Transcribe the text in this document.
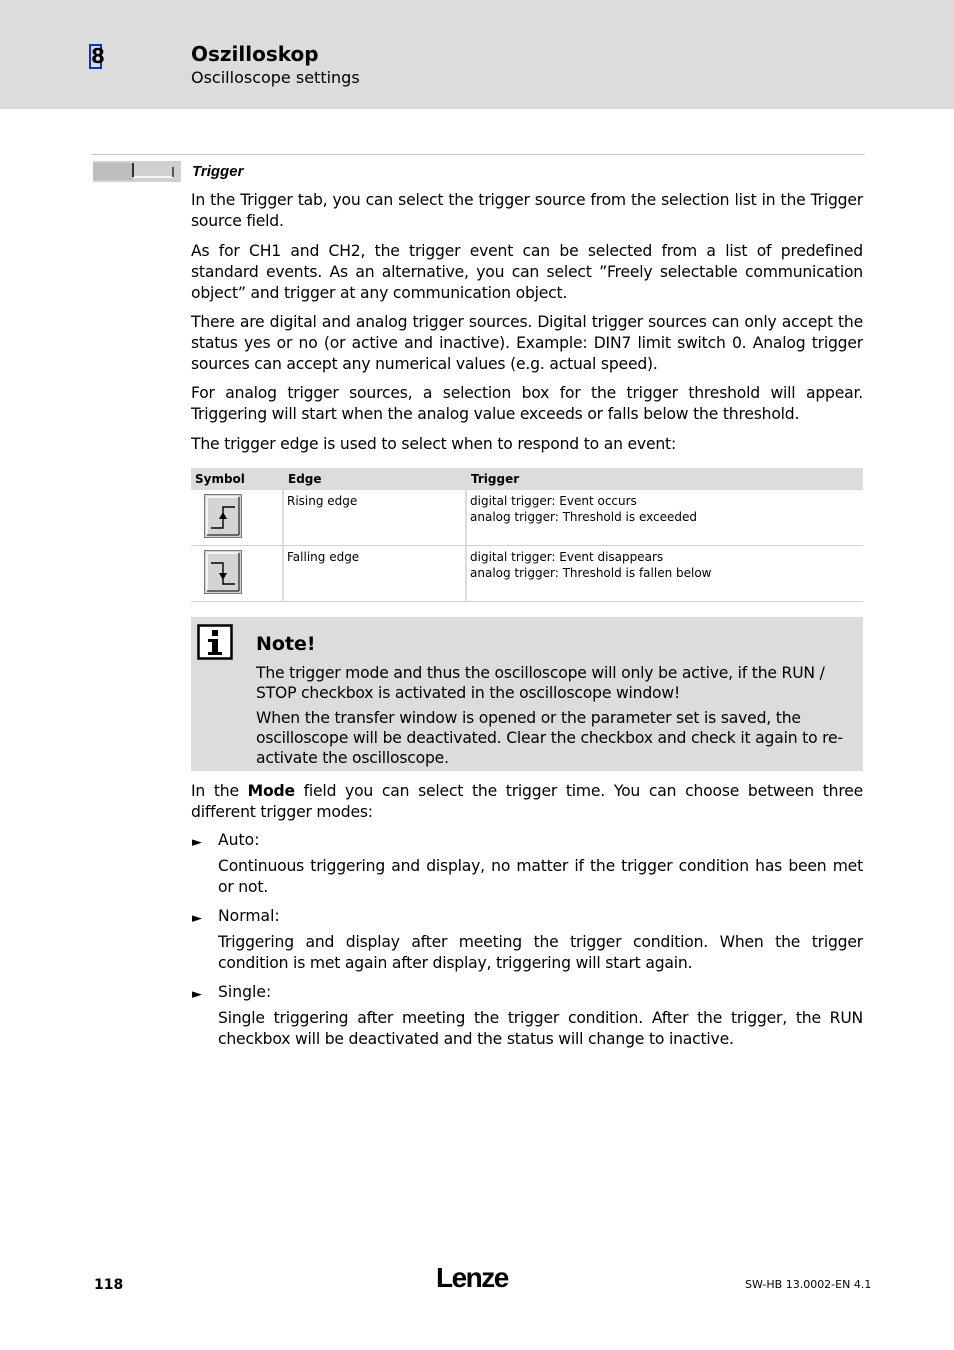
8	Oszilloskop
Oscilloscope settings
Trigger
In the Trigger tab, you can select the trigger source from the selection list in the Trigger source field.
As for CH1 and CH2, the trigger event can be selected from a list of predefined standard events. As an alternative, you can select ”Freely selectable communication object” and trigger at any communication object.
There are digital and analog trigger sources. Digital trigger sources can only accept the status yes or no (or active and inactive). Example: DIN7 limit switch 0. Analog trigger sources can accept any numerical values (e.g. actual speed).
For analog trigger sources, a selection box for the trigger threshold will appear. Triggering will start when the analog value exceeds or falls below the threshold.
The trigger edge is used to select when to respond to an event:
Symbol	Edge	Trigger
	Rising edge	digital trigger: Event occurs
analog trigger: Threshold is exceeded

	Falling edge	digital trigger: Event disappears
analog trigger: Threshold is fallen below
Note!
The trigger mode and thus the oscilloscope will only be active, if the RUN / STOP checkbox is activated in the oscilloscope window!
When the transfer window is opened or the parameter set is saved, the oscilloscope will be deactivated. Clear the checkbox and check it again to re-activate the oscilloscope.
In the Mode field you can select the trigger time. You can choose between three different trigger modes:
► Auto:
Continuous triggering and display, no matter if the trigger condition has been met or not.
► Normal:
Triggering and display after meeting the trigger condition. When the trigger condition is met again after display, triggering will start again.
► Single:
Single triggering after meeting the trigger condition. After the trigger, the RUN checkbox will be deactivated and the status will change to inactive.
118	Lenze	SW-HB 13.0002-EN 4.1
